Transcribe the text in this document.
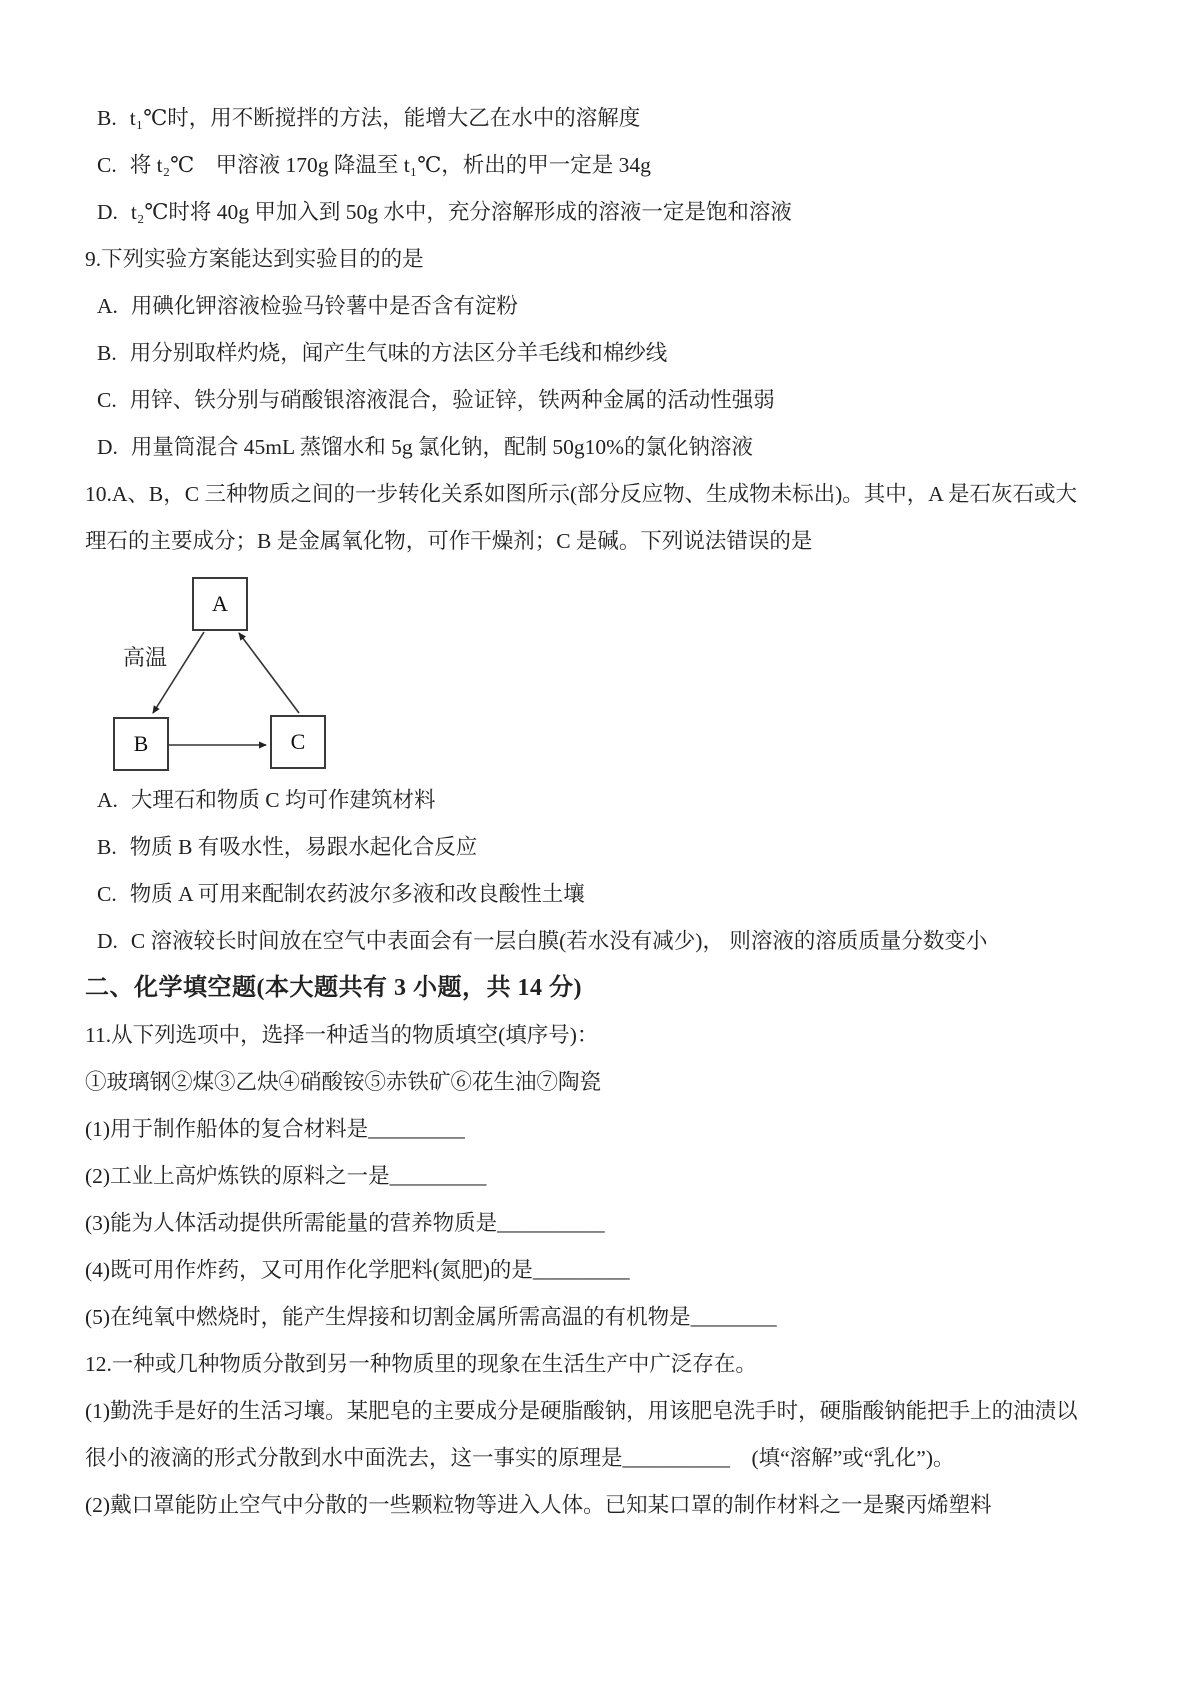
B. t₁℃时，用不断搅拌的方法，能增大乙在水中的溶解度
C. 将 t₂℃　甲溶液 170g 降温至 t₁℃，析出的甲一定是 34g
D. t₂℃时将 40g 甲加入到 50g 水中，充分溶解形成的溶液一定是饱和溶液
9.下列实验方案能达到实验目的的是
A. 用碘化钾溶液检验马铃薯中是否含有淀粉
B. 用分别取样灼烧，闻产生气味的方法区分羊毛线和棉纱线
C. 用锌、铁分别与硝酸银溶液混合，验证锌，铁两种金属的活动性强弱
D. 用量筒混合 45mL 蒸馏水和 5g 氯化钠，配制 50g10%的氯化钠溶液
10.A、B，C 三种物质之间的一步转化关系如图所示(部分反应物、生成物未标出)。其中，A 是石灰石或大
理石的主要成分；B 是金属氧化物，可作干燥剂；C 是碱。下列说法错误的是
A
B	C
高温
A. 大理石和物质 C 均可作建筑材料
B. 物质 B 有吸水性，易跟水起化合反应
C. 物质 A 可用来配制农药波尔多液和改良酸性土壤
D. C 溶液较长时间放在空气中表面会有一层白膜(若水没有减少)， 则溶液的溶质质量分数变小
二、化学填空题(本大题共有 3 小题，共 14 分)
11.从下列选项中，选择一种适当的物质填空(填序号)：
①玻璃钢②煤③乙炔④硝酸铵⑤赤铁矿⑥花生油⑦陶瓷
(1)用于制作船体的复合材料是_________
(2)工业上高炉炼铁的原料之一是_________
(3)能为人体活动提供所需能量的营养物质是__________
(4)既可用作炸药，又可用作化学肥料(氮肥)的是_________
(5)在纯氧中燃烧时，能产生焊接和切割金属所需高温的有机物是________
12.一种或几种物质分散到另一种物质里的现象在生活生产中广泛存在。
(1)勤洗手是好的生活习壤。某肥皂的主要成分是硬脂酸钠，用该肥皂洗手时，硬脂酸钠能把手上的油渍以
很小的液滴的形式分散到水中面洗去，这一事实的原理是__________　(填“溶解”或“乳化”)。
(2)戴口罩能防止空气中分散的一些颗粒物等进入人体。已知某口罩的制作材料之一是聚丙烯塑料
